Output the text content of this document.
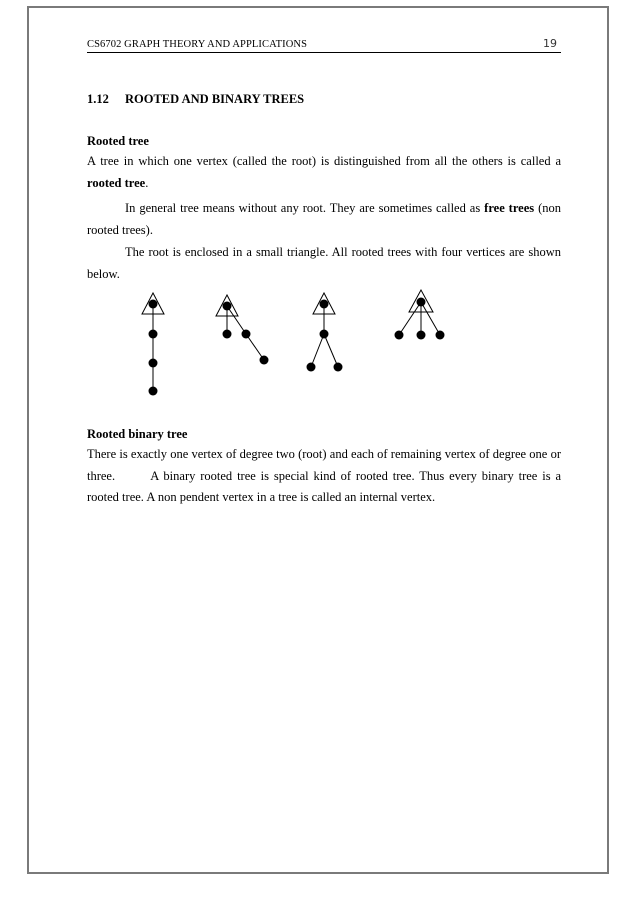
CS6702 GRAPH THEORY AND APPLICATIONS	19
1.12 ROOTED AND BINARY TREES
Rooted tree
A tree in which one vertex (called the root) is distinguished from all the others is called a
rooted tree.
In general tree means without any root. They are sometimes called as free trees (non rooted trees).
The root is enclosed in a small triangle. All rooted trees with four vertices are shown below.
Rooted binary tree
There is exactly one vertex of degree two (root) and each of remaining vertex of degree one or three.	A binary rooted tree is special kind of rooted tree. Thus every binary tree is a rooted tree. A non pendent vertex in a tree is called an internal vertex.
